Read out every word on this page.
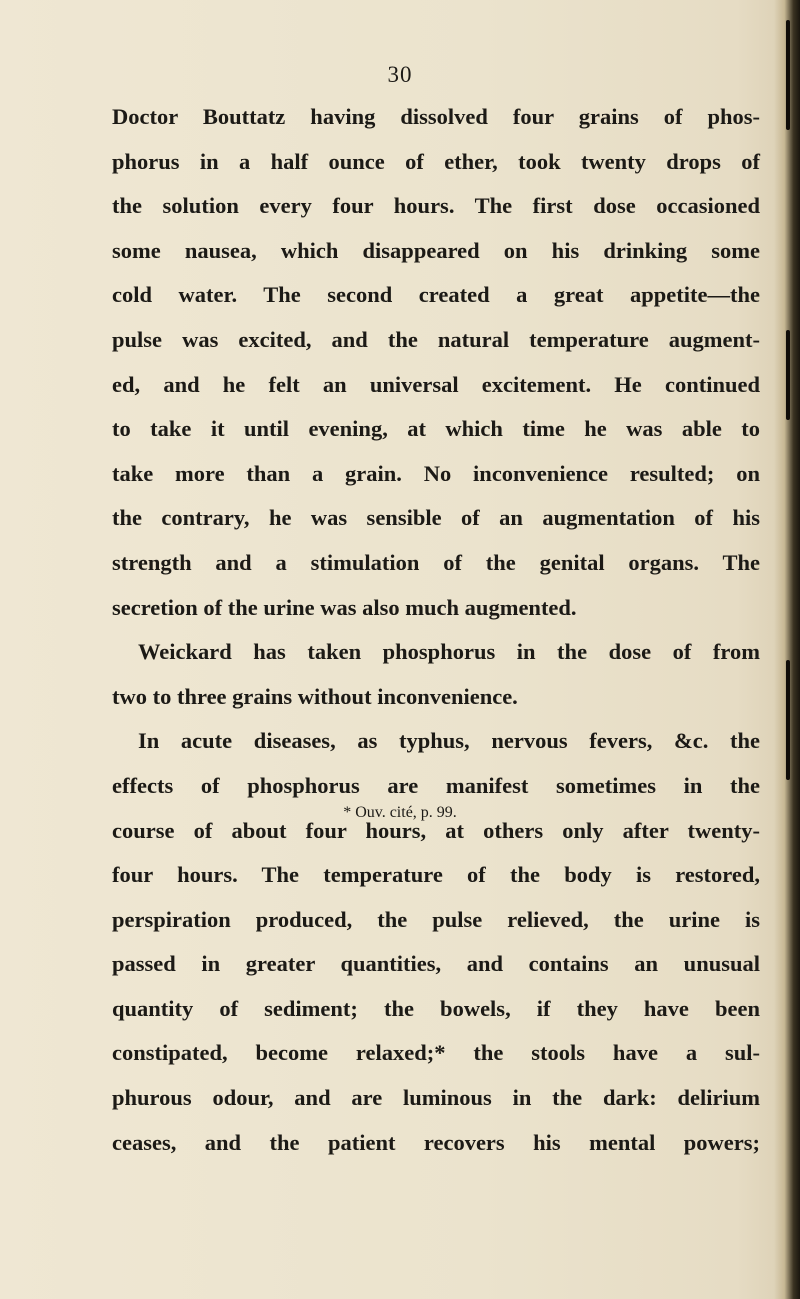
30
Doctor Bouttatz having dissolved four grains of phos-
phorus in a half ounce of ether, took twenty drops of
the solution every four hours. The first dose occasioned
some nausea, which disappeared on his drinking some
cold water. The second created a great appetite—the
pulse was excited, and the natural temperature augment-
ed, and he felt an universal excitement. He continued
to take it until evening, at which time he was able to
take more than a grain. No inconvenience resulted; on
the contrary, he was sensible of an augmentation of his
strength and a stimulation of the genital organs. The
secretion of the urine was also much augmented.
Weickard has taken phosphorus in the dose of from
two to three grains without inconvenience.
In acute diseases, as typhus, nervous fevers, &c. the
effects of phosphorus are manifest sometimes in the
course of about four hours, at others only after twenty-
four hours. The temperature of the body is restored,
perspiration produced, the pulse relieved, the urine is
passed in greater quantities, and contains an unusual
quantity of sediment; the bowels, if they have been
constipated, become relaxed;* the stools have a sul-
phurous odour, and are luminous in the dark: delirium
ceases, and the patient recovers his mental powers;
* Ouv. cité, p. 99.
